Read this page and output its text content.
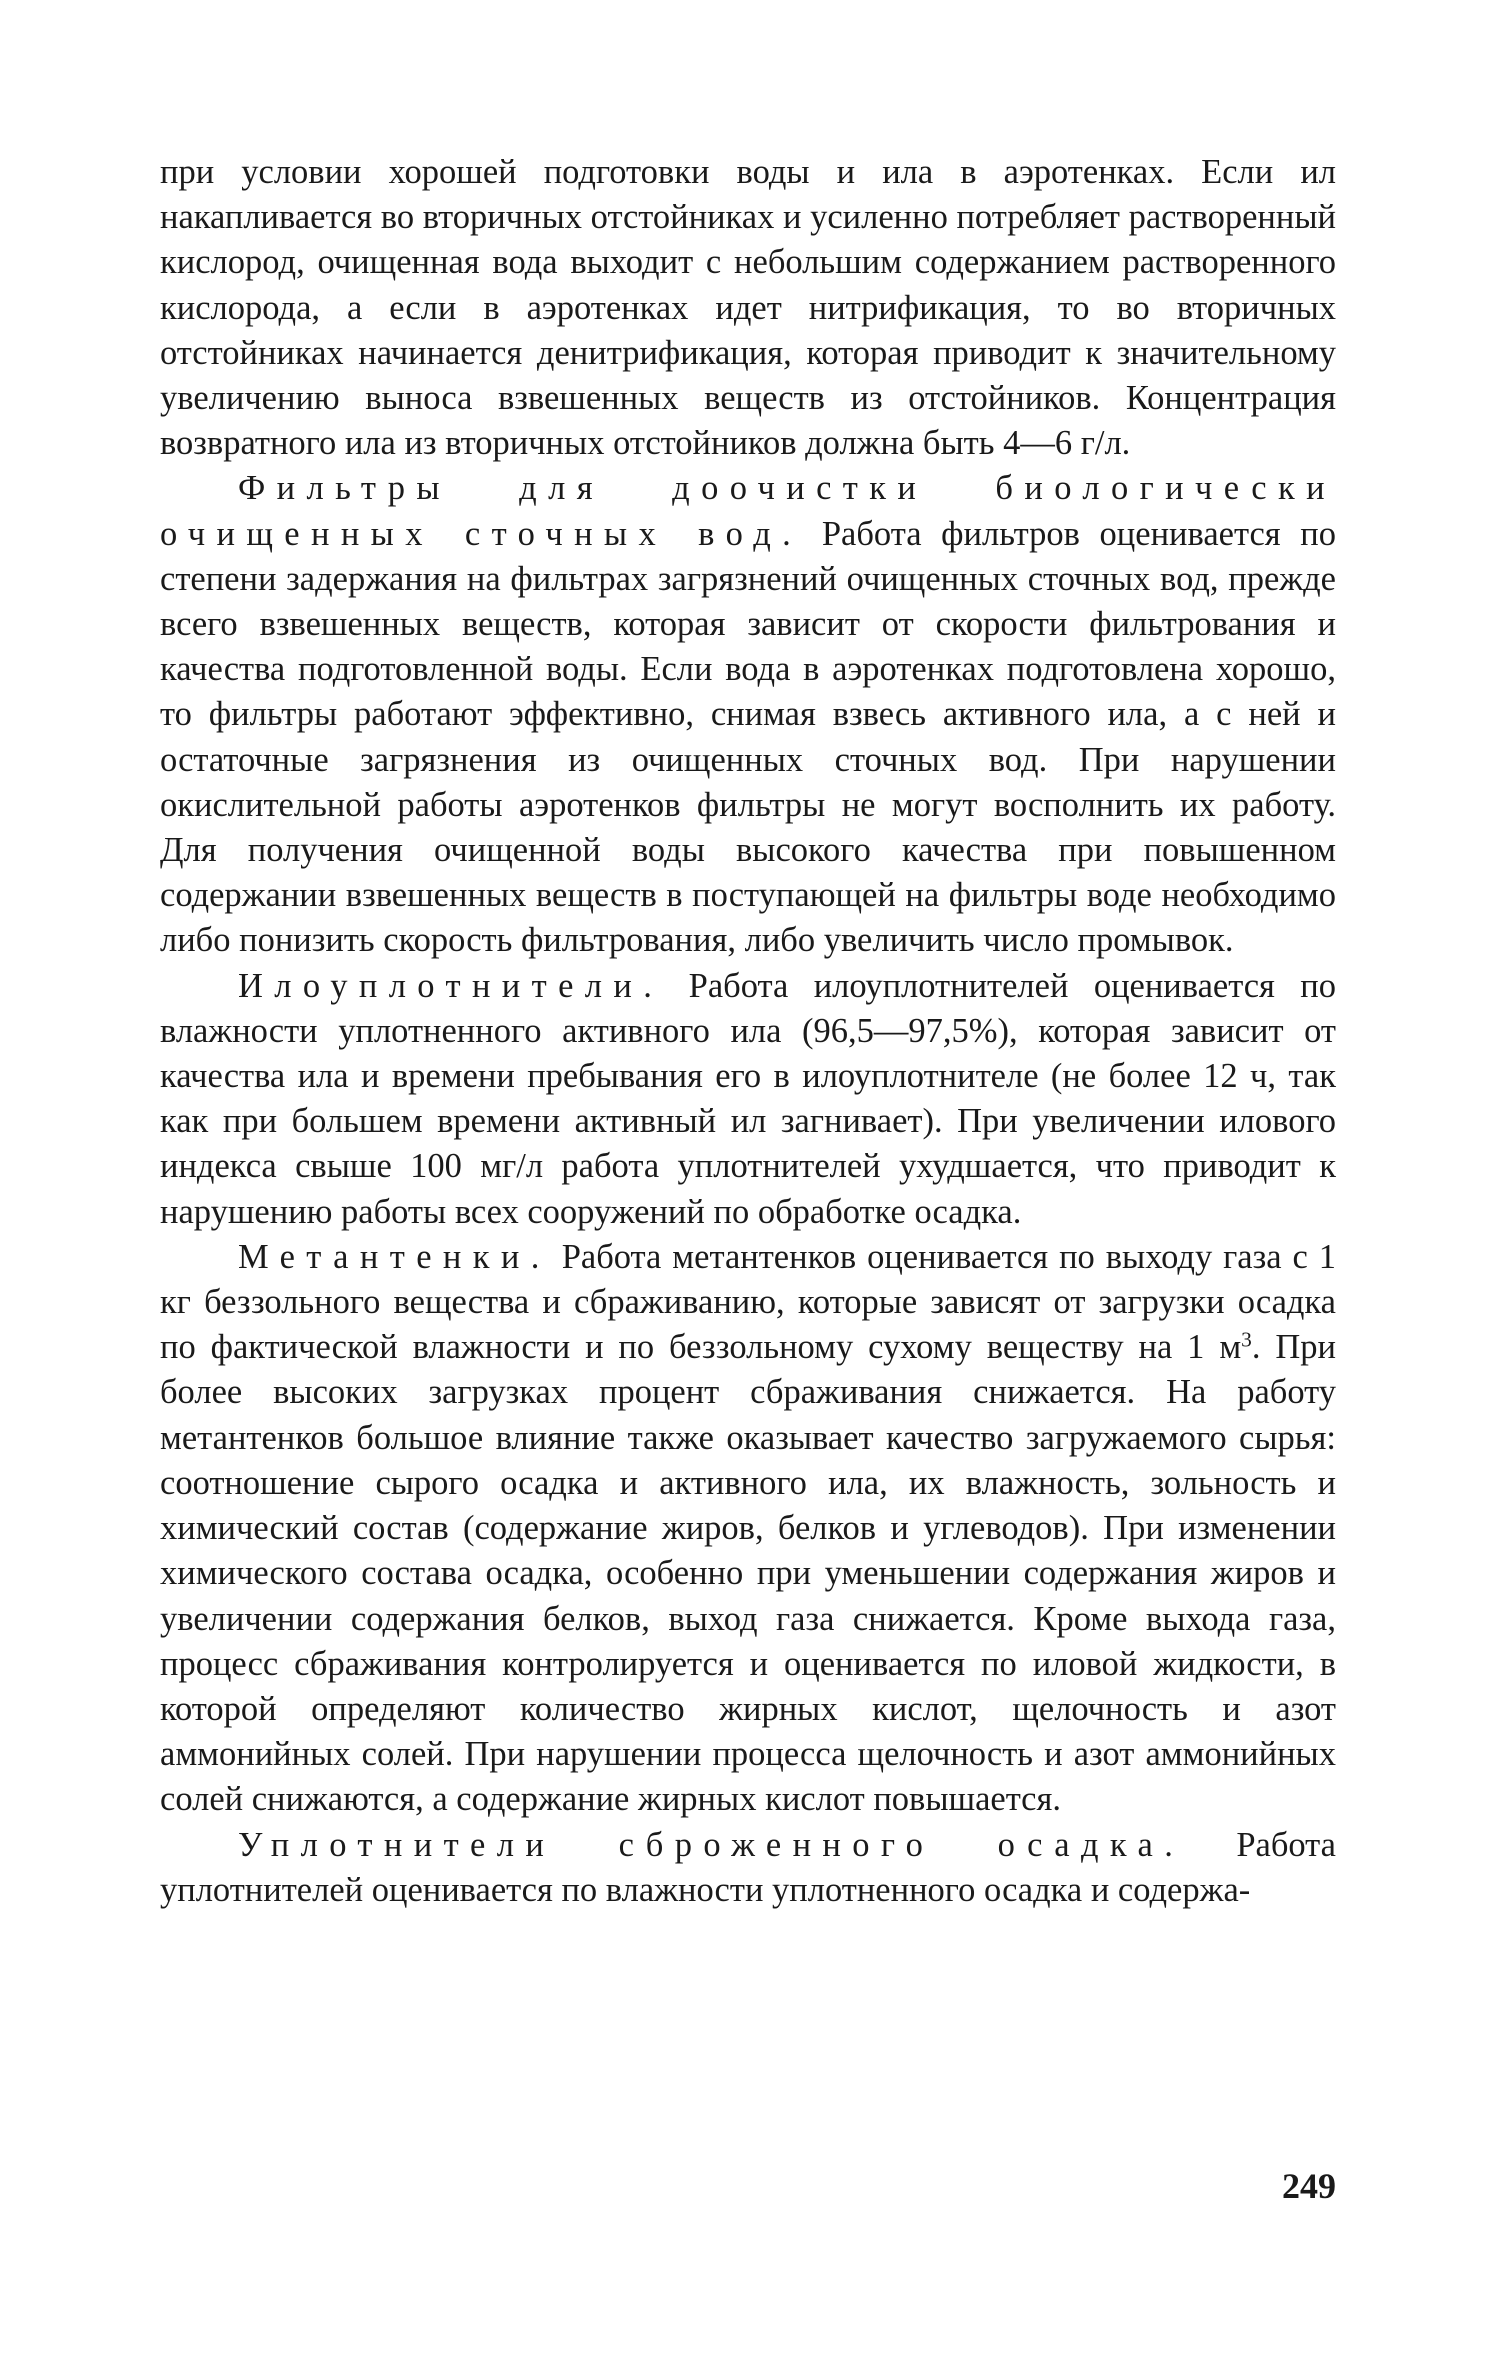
при условии хорошей подготовки воды и ила в аэротенках. Если ил накапливается во вторичных отстойниках и усиленно потребляет растворенный кислород, очищенная вода выходит с небольшим содержанием растворенного кислорода, а если в аэротенках идет нитрификация, то во вторичных отстойниках начинается денитрификация, которая приводит к значительному увеличению выноса взвешенных веществ из отстойников. Концентрация возвратного ила из вторичных отстойников должна быть 4—6 г/л.

Фильтры для доочистки биологически очищенных сточных вод. Работа фильтров оценивается по степени задержания на фильтрах загрязнений очищенных сточных вод, прежде всего взвешенных веществ, которая зависит от скорости фильтрования и качества подготовленной воды. Если вода в аэротенках подготовлена хорошо, то фильтры работают эффективно, снимая взвесь активного ила, а с ней и остаточные загрязнения из очищенных сточных вод. При нарушении окислительной работы аэротенков фильтры не могут восполнить их работу. Для получения очищенной воды высокого качества при повышенном содержании взвешенных веществ в поступающей на фильтры воде необходимо либо понизить скорость фильтрования, либо увеличить число промывок.

Илоуплотнители. Работа илоуплотнителей оценивается по влажности уплотненного активного ила (96,5—97,5%), которая зависит от качества ила и времени пребывания его в илоуплотнителе (не более 12 ч, так как при большем времени активный ил загнивает). При увеличении илового индекса свыше 100 мг/л работа уплотнителей ухудшается, что приводит к нарушению работы всех сооружений по обработке осадка.

Метантенки. Работа метантенков оценивается по выходу газа с 1 кг беззольного вещества и сбраживанию, которые зависят от загрузки осадка по фактической влажности и по беззольному сухому веществу на 1 $м^3$. При более высоких загрузках процент сбраживания снижается. На работу метантенков большое влияние также оказывает качество загружаемого сырья: соотношение сырого осадка и активного ила, их влажность, зольность и химический состав (содержание жиров, белков и углеводов). При изменении химического состава осадка, особенно при уменьшении содержания жиров и увеличении содержания белков, выход газа снижается. Кроме выхода газа, процесс сбраживания контролируется и оценивается по иловой жидкости, в которой определяют количество жирных кислот, щелочность и азот аммонийных солей. При нарушении процесса щелочность и азот аммонийных солей снижаются, а содержание жирных кислот повышается.

Уплотнители сброженного осадка. Работа уплотнителей оценивается по влажности уплотненного осадка и содержа-

249
